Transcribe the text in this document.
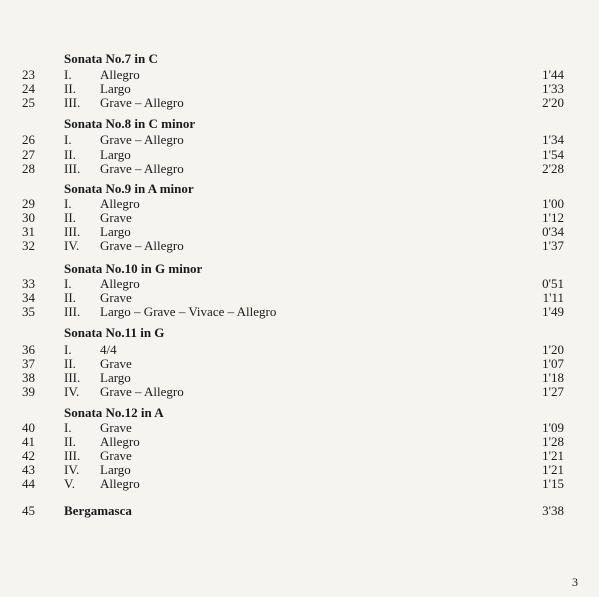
Sonata No.7 in C
23	I. Allegro	1'44
24	II. Largo	1'33
25	III. Grave – Allegro	2'20
Sonata No.8 in C minor
26	I. Grave – Allegro	1'34
27	II. Largo	1'54
28	III. Grave – Allegro	2'28
Sonata No.9 in A minor
29	I. Allegro	1'00
30	II. Grave	1'12
31	III. Largo	0'34
32	IV. Grave – Allegro	1'37
Sonata No.10 in G minor
33	I. Allegro	0'51
34	II. Grave	1'11
35	III. Largo – Grave – Vivace – Allegro	1'49
Sonata No.11 in G
36	I. 4/4	1'20
37	II. Grave	1'07
38	III. Largo	1'18
39	IV. Grave – Allegro	1'27
Sonata No.12 in A
40	I. Grave	1'09
41	II. Allegro	1'28
42	III. Grave	1'21
43	IV. Largo	1'21
44	V. Allegro	1'15
45	Bergamasca	3'38
3
